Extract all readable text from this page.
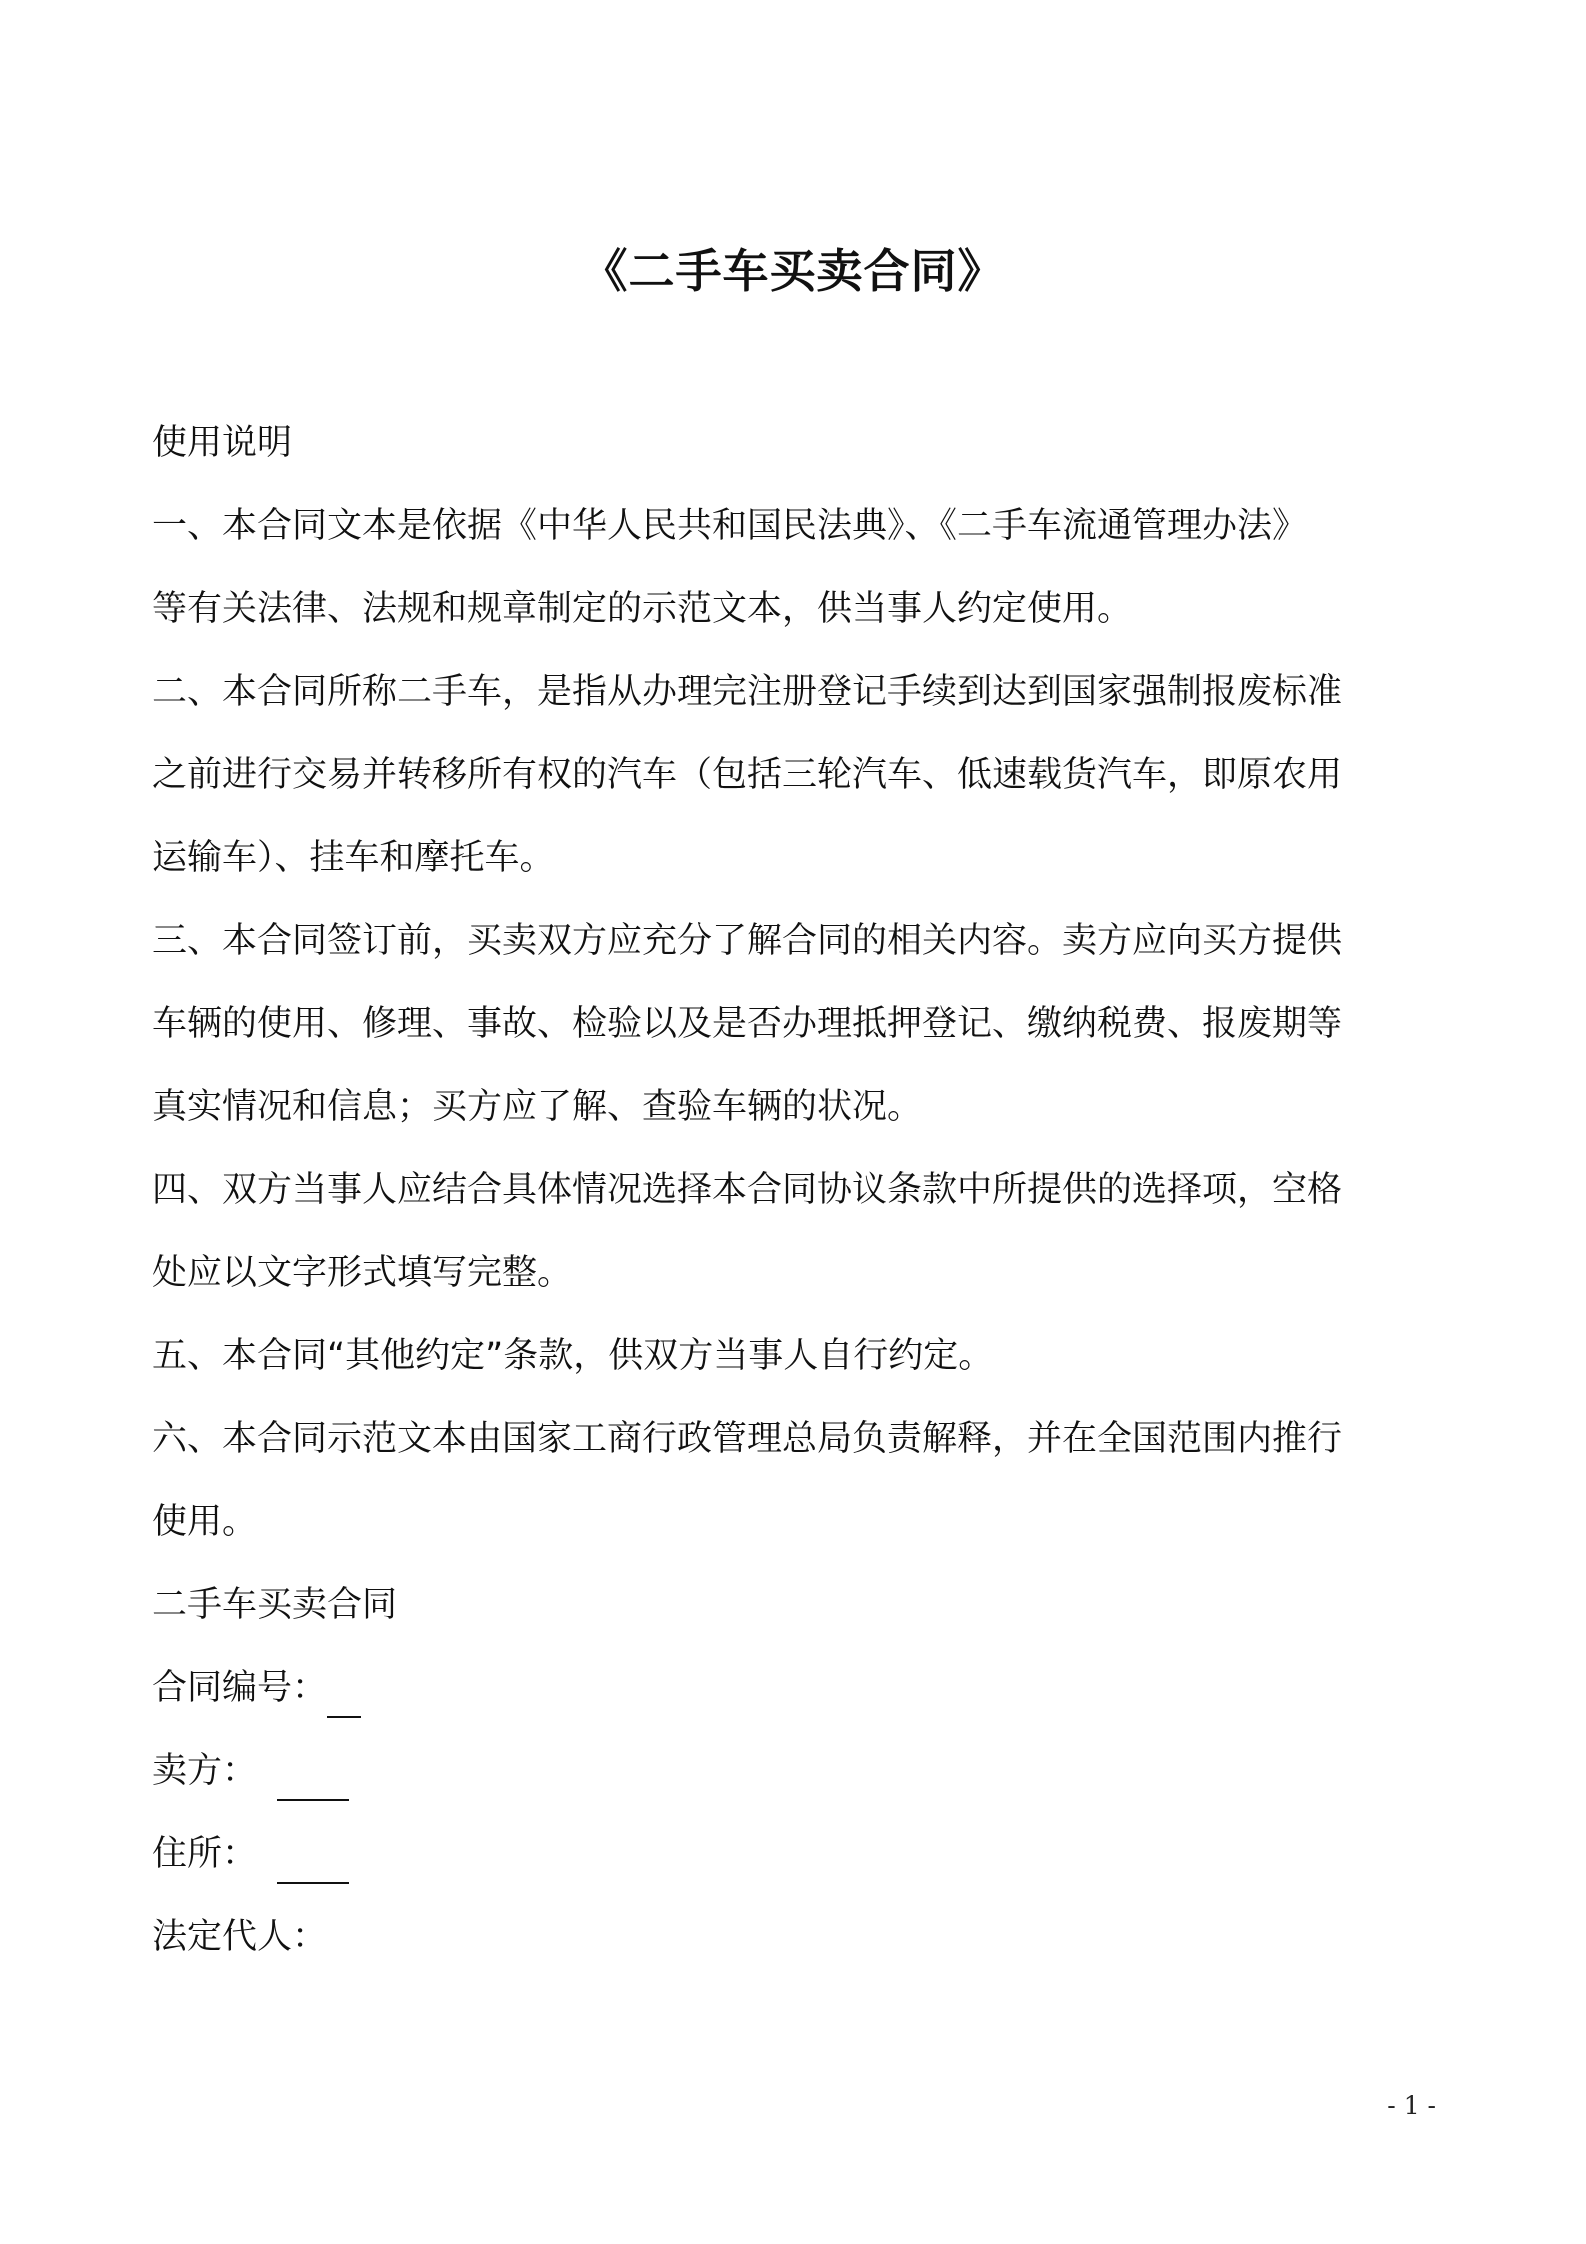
《二手车买卖合同》
使用说明
一、本合同文本是依据《中华人民共和国民法典》、《二手车流通管理办法》
等有关法律、法规和规章制定的示范文本，供当事人约定使用。
二、本合同所称二手车，是指从办理完注册登记手续到达到国家强制报废标准
之前进行交易并转移所有权的汽车（包括三轮汽车、低速载货汽车，即原农用
运输车）、挂车和摩托车。
三、本合同签订前，买卖双方应充分了解合同的相关内容。卖方应向买方提供
车辆的使用、修理、事故、检验以及是否办理抵押登记、缴纳税费、报废期等
真实情况和信息；买方应了解、查验车辆的状况。
四、双方当事人应结合具体情况选择本合同协议条款中所提供的选择项，空格
处应以文字形式填写完整。
五、本合同“其他约定”条款，供双方当事人自行约定。
六、本合同示范文本由国家工商行政管理总局负责解释，并在全国范围内推行
使用。
二手车买卖合同
合同编号：
卖方：
住所：
法定代人：
- 1 -
